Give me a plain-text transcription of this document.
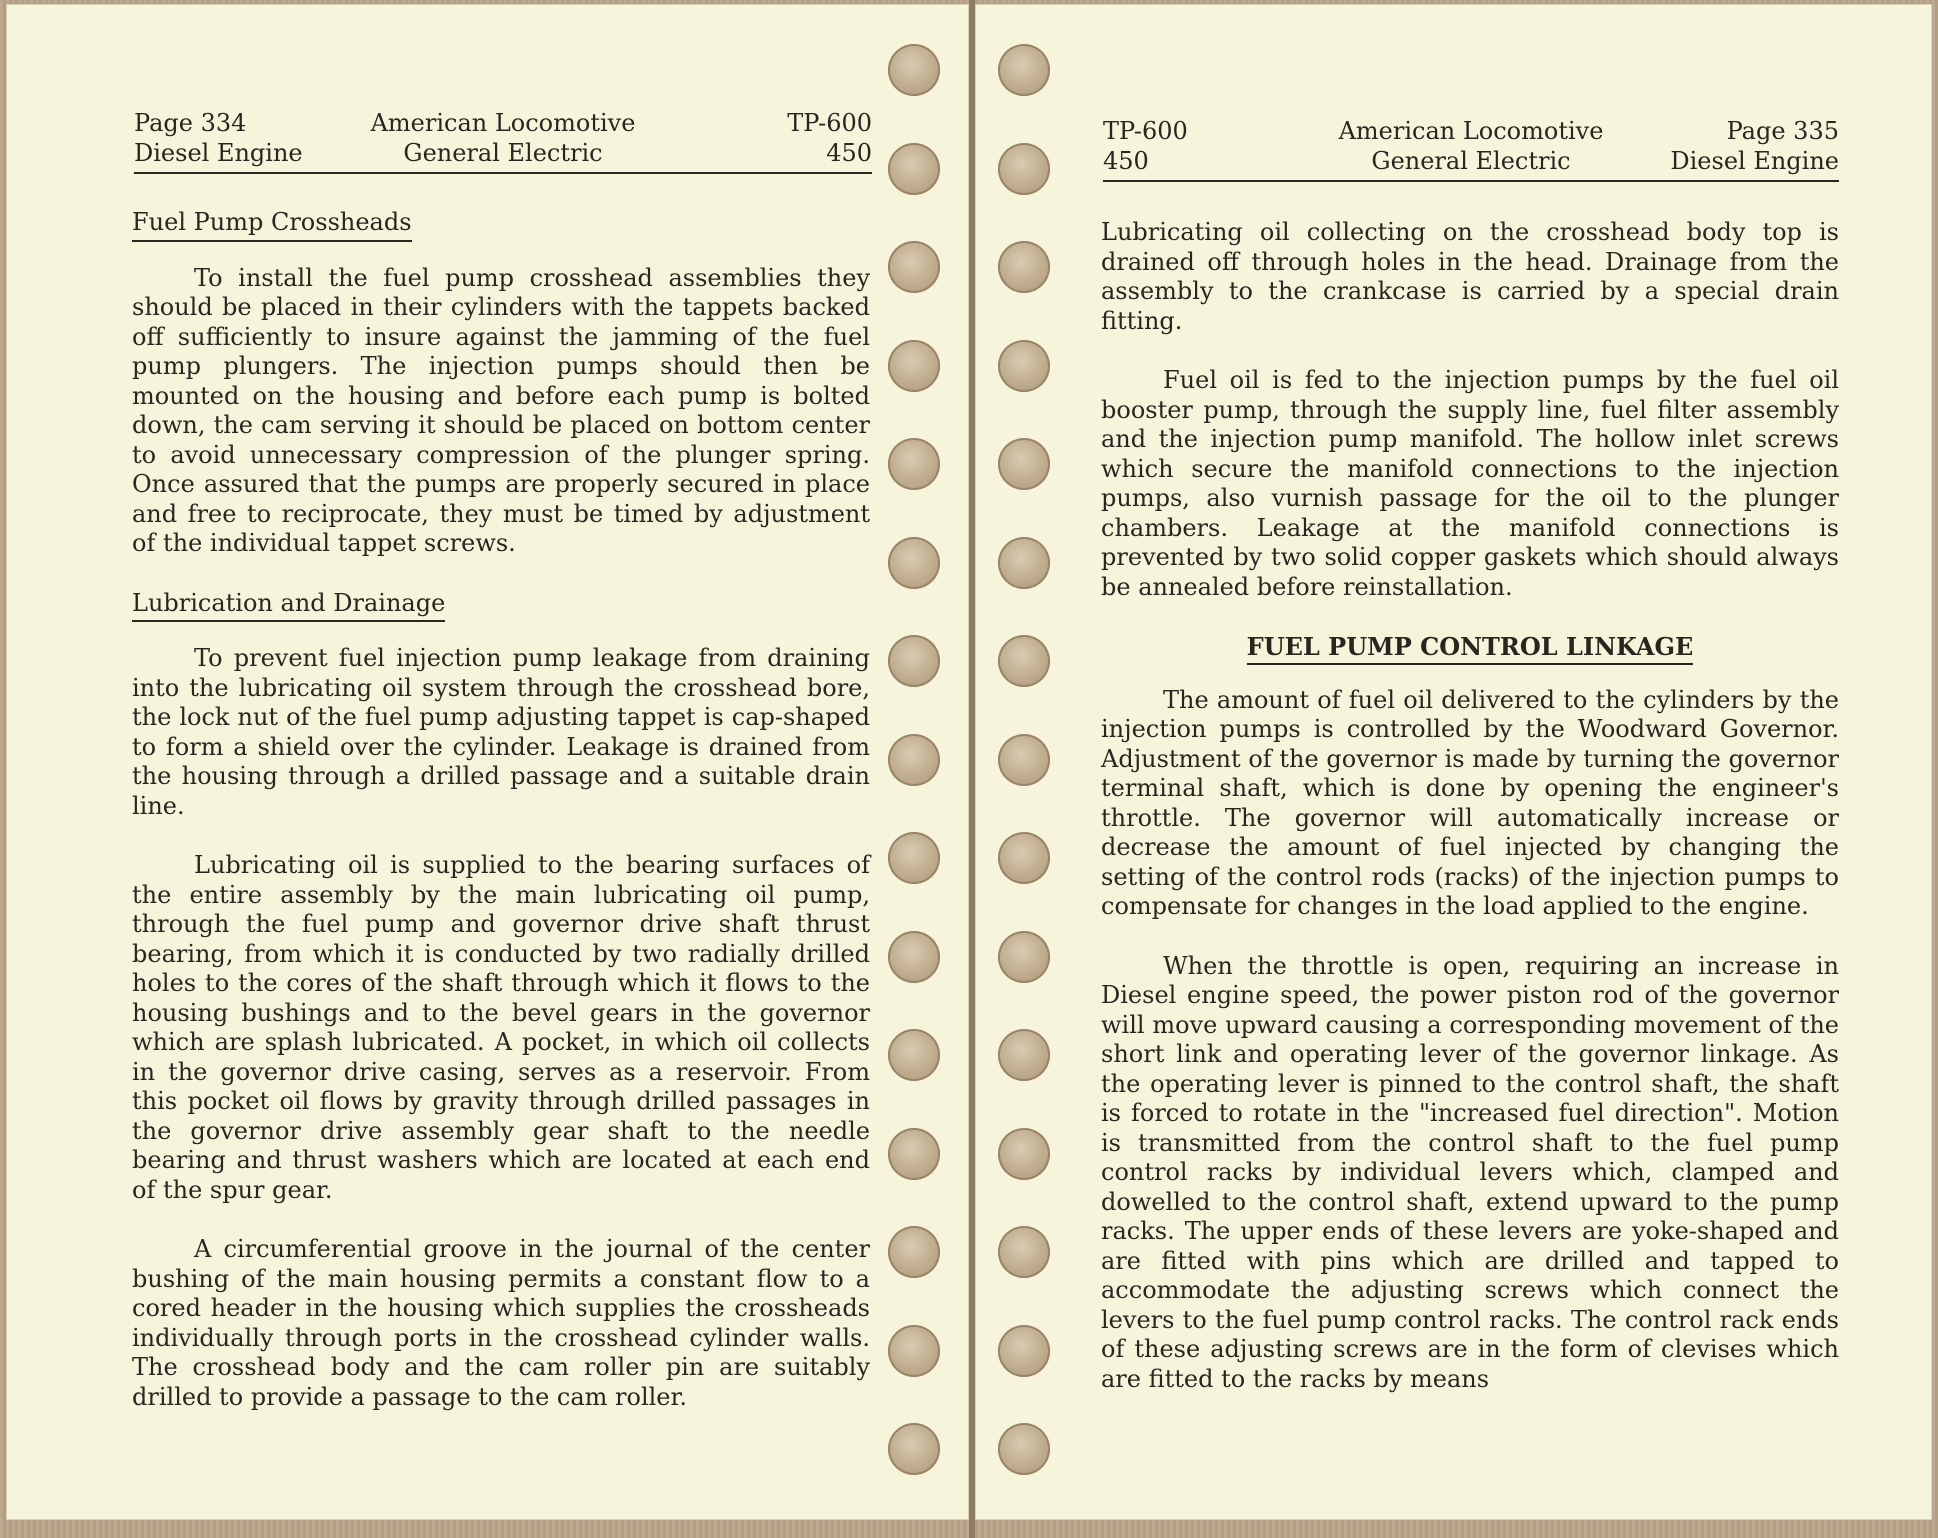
Page 334	American Locomotive	TP-600
Diesel Engine	General Electric	450
Fuel Pump Crossheads

To install the fuel pump crosshead assemblies they should be placed in their cylinders with the tappets backed off sufficiently to insure against the jamming of the fuel pump plungers. The injection pumps should then be mounted on the housing and before each pump is bolted down, the cam serving it should be placed on bottom center to avoid unnecessary compression of the plunger spring. Once assured that the pumps are properly secured in place and free to reciprocate, they must be timed by adjustment of the individual tappet screws.

Lubrication and Drainage

To prevent fuel injection pump leakage from draining into the lubricating oil system through the crosshead bore, the lock nut of the fuel pump adjusting tappet is cap-shaped to form a shield over the cylinder. Leakage is drained from the housing through a drilled passage and a suitable drain line.

Lubricating oil is supplied to the bearing surfaces of the entire assembly by the main lubricating oil pump, through the fuel pump and governor drive shaft thrust bearing, from which it is conducted by two radially drilled holes to the cores of the shaft through which it flows to the housing bushings and to the bevel gears in the governor which are splash lubricated. A pocket, in which oil collects in the governor drive casing, serves as a reservoir. From this pocket oil flows by gravity through drilled passages in the governor drive assembly gear shaft to the needle bearing and thrust washers which are located at each end of the spur gear.

A circumferential groove in the journal of the center bushing of the main housing permits a constant flow to a cored header in the housing which supplies the crossheads individually through ports in the crosshead cylinder walls. The crosshead body and the cam roller pin are suitably drilled to provide a passage to the cam roller.

TP-600	American Locomotive	Page 335
450	General Electric	Diesel Engine

Lubricating oil collecting on the crosshead body top is drained off through holes in the head. Drainage from the assembly to the crankcase is carried by a special drain fitting.

Fuel oil is fed to the injection pumps by the fuel oil booster pump, through the supply line, fuel filter assembly and the injection pump manifold. The hollow inlet screws which secure the manifold connections to the injection pumps, also vurnish passage for the oil to the plunger chambers. Leakage at the manifold connections is prevented by two solid copper gaskets which should always be annealed before reinstallation.

FUEL PUMP CONTROL LINKAGE

The amount of fuel oil delivered to the cylinders by the injection pumps is controlled by the Woodward Governor. Adjustment of the governor is made by turning the governor terminal shaft, which is done by opening the engineer's throttle. The governor will automatically increase or decrease the amount of fuel injected by changing the setting of the control rods (racks) of the injection pumps to compensate for changes in the load applied to the engine.

When the throttle is open, requiring an increase in Diesel engine speed, the power piston rod of the governor will move upward causing a corresponding movement of the short link and operating lever of the governor linkage. As the operating lever is pinned to the control shaft, the shaft is forced to rotate in the "increased fuel direction". Motion is transmitted from the control shaft to the fuel pump control racks by individual levers which, clamped and dowelled to the control shaft, extend upward to the pump racks. The upper ends of these levers are yoke-shaped and are fitted with pins which are drilled and tapped to accommodate the adjusting screws which connect the levers to the fuel pump control racks. The control rack ends of these adjusting screws are in the form of clevises which are fitted to the racks by means
